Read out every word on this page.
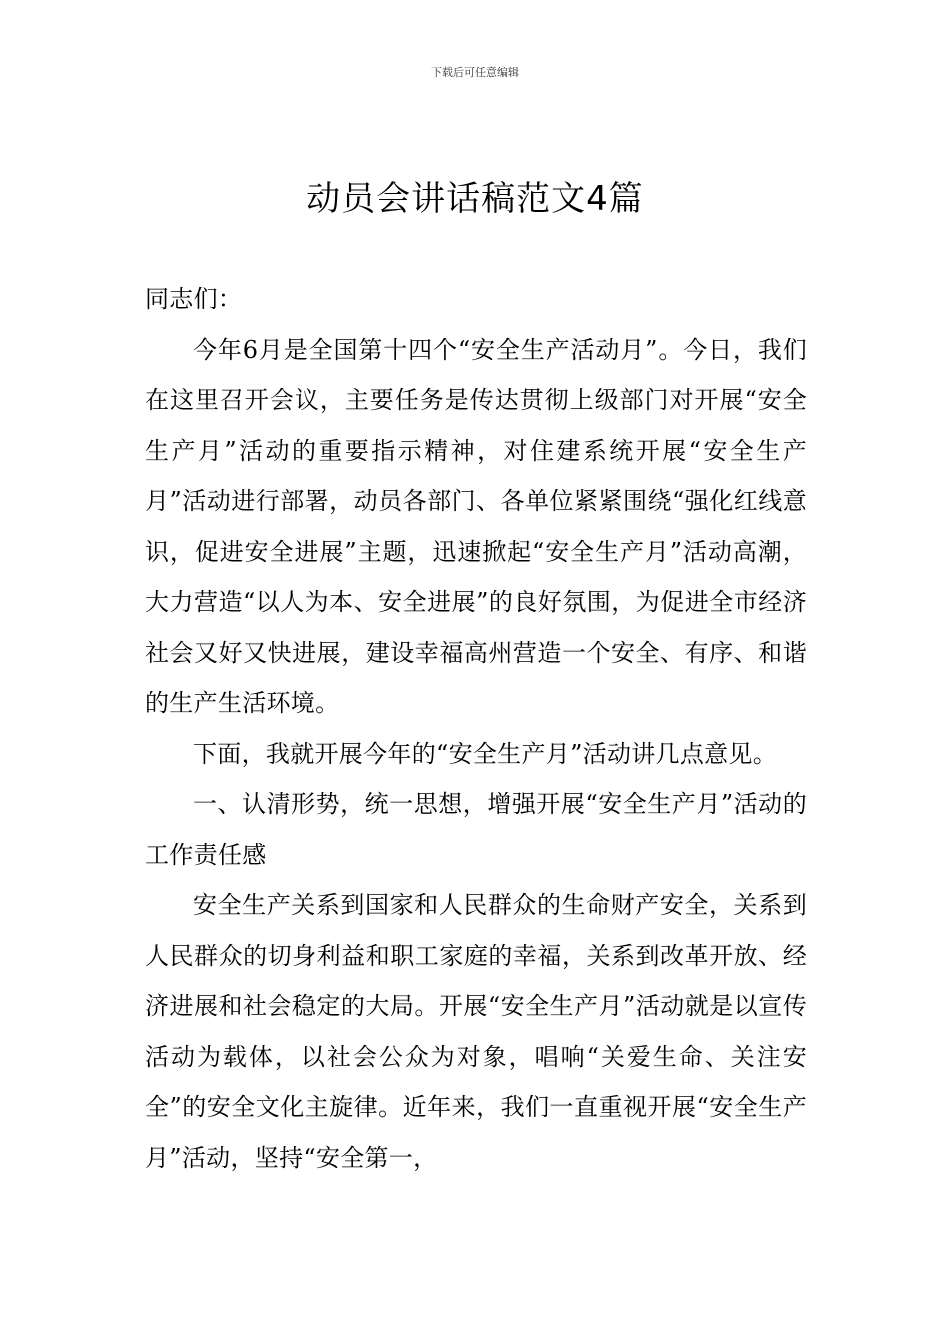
下载后可任意编辑
动员会讲话稿范文4篇

同志们：

今年6月是全国第十四个“安全生产活动月”。今日，我们在这里召开会议，主要任务是传达贯彻上级部门对开展“安全生产月”活动的重要指示精神，对住建系统开展“安全生产月”活动进行部署，动员各部门、各单位紧紧围绕“强化红线意识，促进安全进展”主题，迅速掀起“安全生产月”活动高潮，大力营造“以人为本、安全进展”的良好氛围，为促进全市经济社会又好又快进展，建设幸福高州营造一个安全、有序、和谐的生产生活环境。

下面，我就开展今年的“安全生产月”活动讲几点意见。

一、认清形势，统一思想，增强开展“安全生产月”活动的工作责任感

安全生产关系到国家和人民群众的生命财产安全，关系到人民群众的切身利益和职工家庭的幸福，关系到改革开放、经济进展和社会稳定的大局。开展“安全生产月”活动就是以宣传活动为载体，以社会公众为对象，唱响“关爱生命、关注安全”的安全文化主旋律。近年来，我们一直重视开展“安全生产月”活动，坚持“安全第一，
